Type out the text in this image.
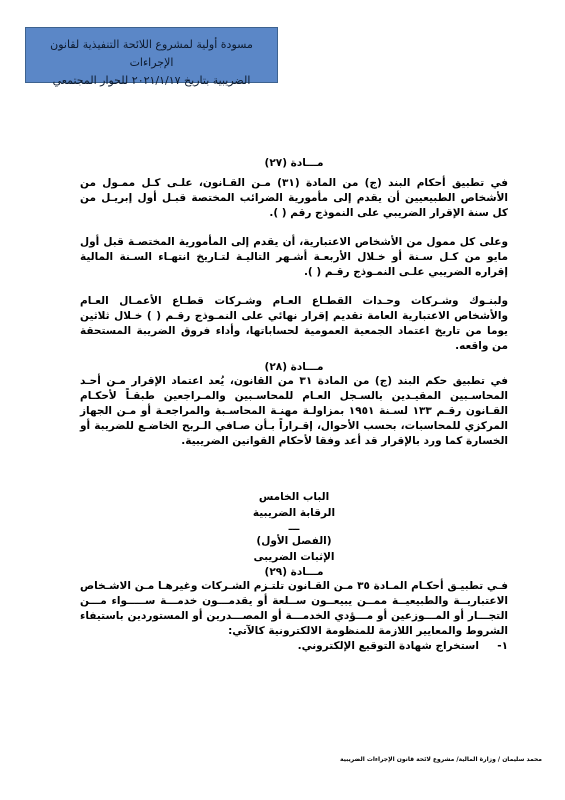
مسودة أولية لمشروع اللائحة التنفيذية لقانون الإجراءات
الضريبية بتاريخ ٢٠٢١/١/١٧ للحوار المجتمعي

مـــادة (٢٧)

في تطبيق أحكام البند (ج) من المادة (٣١) مـن القـانون، علـى كـل ممـول من الأشخاص الطبيعيين أن يقدم إلى مأمورية الضرائب المختصة قبـل أول إبريـل من كل سنة الإقرار الضريبي على النموذج رقم ( ).

وعلى كل ممول من الأشخاص الاعتبارية، أن يقدم إلى المأمورية المختصـة قبل أول مايو من كـل سـنة أو خـلال الأربعـة أشـهر التاليـة لتـاريخ انتهـاء السـنة المالية إقراره الضريبي علـى النمـوذج رقـم ( ).

ولبنـوك وشـركات وحـدات القطـاع العـام وشـركات قطـاع الأعمـال العـام والأشخاص الاعتبارية العامة تقديم إقرار نهائي على النمـوذج رقـم ( ) خـلال ثلاثين يوما من تاريخ اعتماد الجمعية العمومية لحساباتها، وأداء فروق الضريبة المستحقة من واقعه.

مـــادة (٢٨)

في تطبيق حكم البند (ج) من المادة ٣١ من القانون، يُعد اعتماد الإقرار مـن أحـد المحاسـبين المقيـدين بالسـجل العـام للمحاسـبين والمـراجعين طبقـاً لأحكـام القـانون رقـم ١٣٣ لسـنة ١٩٥١ بمزاولـة مهنـة المحاسـبة والمراجعـة أو مـن الجهاز المركزي للمحاسبات، بحسب الأحوال، إقـراراً بـأن صـافي الـربح الخاضـع للضريبة أو الخسارة كما ورد بالإقرار قد أعد وفقا لأحكام القوانين الضريبية.

الباب الخامس

الرقابة الضريبية

ـــ

(الفصل الأول)

الإثبات الضريبى

مـــادة (٢٩)

فـي تطبيـق أحكـام المـادة ٣٥ مـن القـانون تلتـزم الشـركات وغيرهـا مـن الاشـخاص الاعتباريــة والطبيعيــة ممــن يبيعــون ســلعة أو يقدمـــون خدمـــة ســـــواء مـــن التجـــار أو المـــوزعين أو مـــؤدي الخدمـــة أو المصـــدرين أو المستوردين باستيفاء الشروط والمعايير اللازمة للمنظومة الالكترونية كالآتي:

١-     استخراج شهادة التوقيع الإلكتروني.

محمد سليمان / وزارة المالية/ مشروع لائحة قانون الإجراءات الضريبية
